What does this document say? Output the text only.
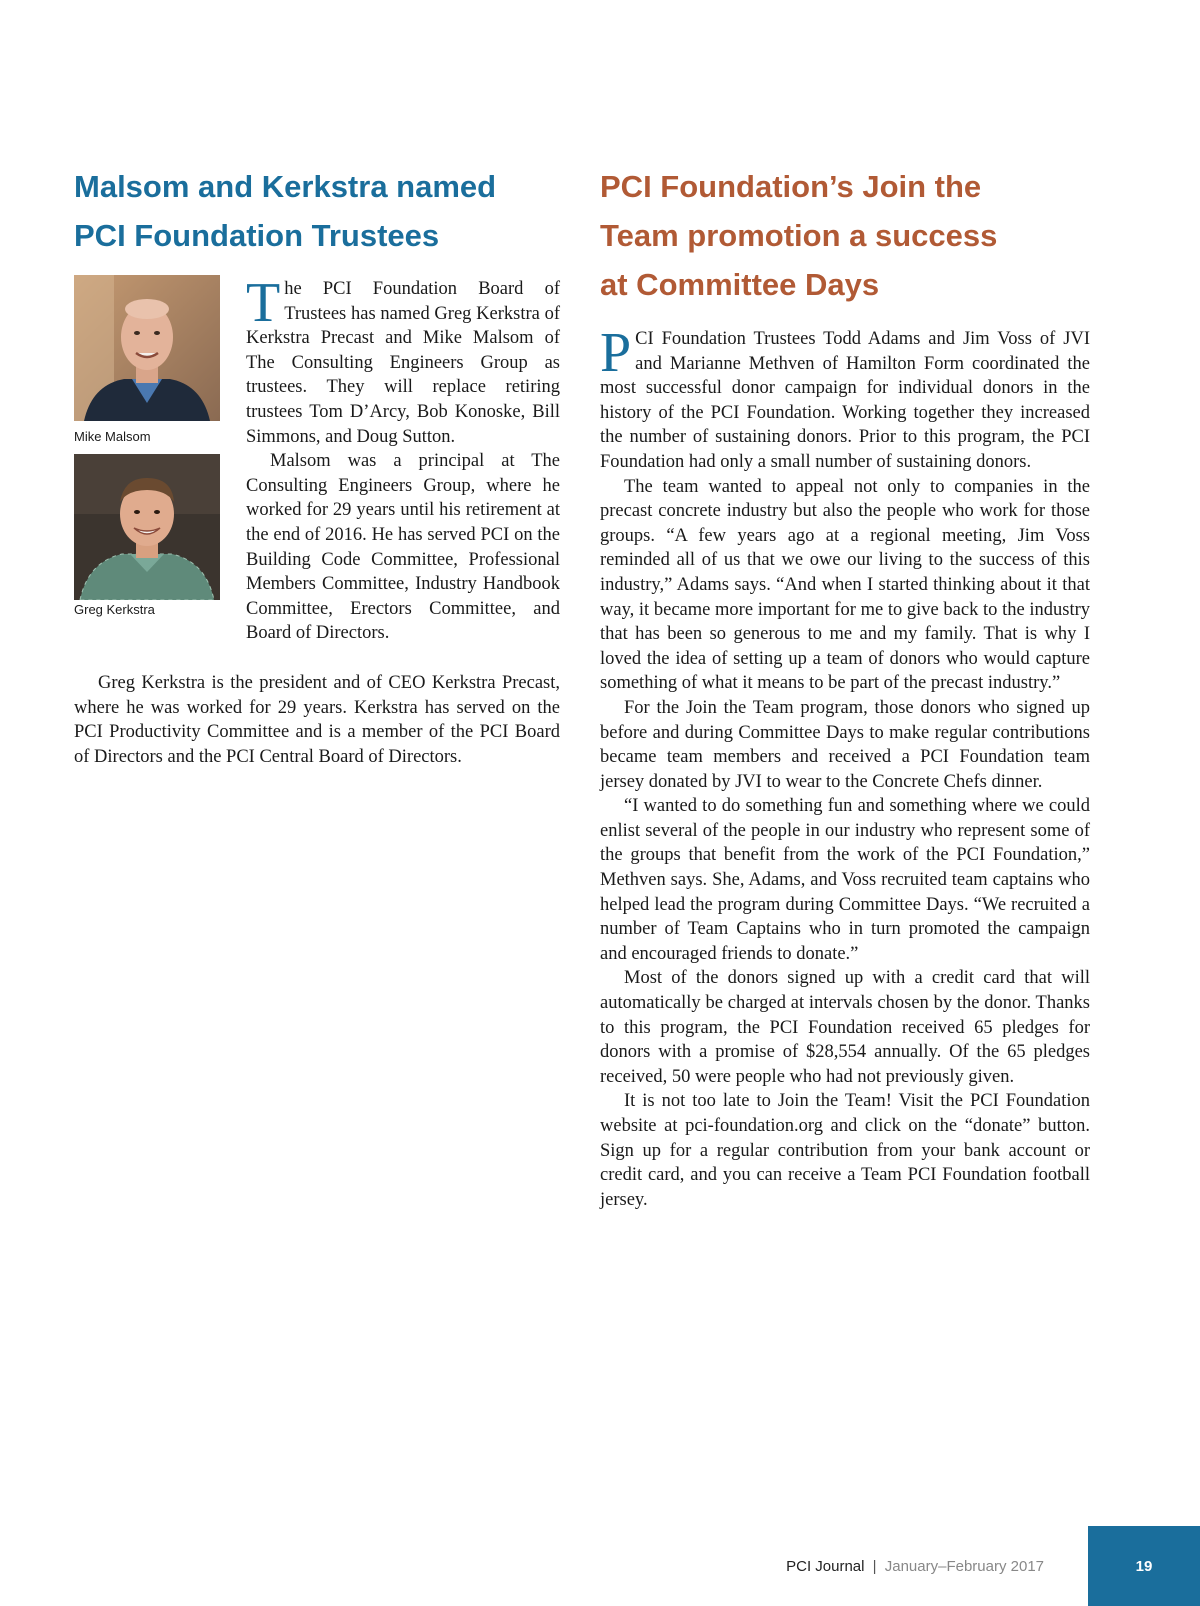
Malsom and Kerkstra named
PCI Foundation Trustees
Mike Malsom
Greg Kerkstra

The PCI Foundation Board of Trustees has named Greg Kerkstra of Kerkstra Precast and Mike Malsom of The Consulting Engineers Group as trustees. They will replace retiring trustees Tom D’Arcy, Bob Konoske, Bill Simmons, and Doug Sutton.

Malsom was a principal at The Consulting Engineers Group, where he worked for 29 years until his retirement at the end of 2016. He has served PCI on the Building Code Committee, Professional Members Committee, Industry Handbook Committee, Erectors Committee, and Board of Directors.

Greg Kerkstra is the president and of CEO Kerkstra Precast, where he was worked for 29 years. Kerkstra has served on the PCI Productivity Committee and is a member of the PCI Board of Directors and the PCI Central Board of Directors.

PCI Foundation’s Join the
Team promotion a success
at Committee Days

PCI Foundation Trustees Todd Adams and Jim Voss of JVI and Marianne Methven of Hamilton Form coordinated the most successful donor campaign for individual donors in the history of the PCI Foundation. Working together they increased the number of sustaining donors. Prior to this program, the PCI Foundation had only a small number of sustaining donors.

The team wanted to appeal not only to companies in the precast concrete industry but also the people who work for those groups. “A few years ago at a regional meeting, Jim Voss reminded all of us that we owe our living to the success of this industry,” Adams says. “And when I started thinking about it that way, it became more important for me to give back to the industry that has been so generous to me and my family. That is why I loved the idea of setting up a team of donors who would capture something of what it means to be part of the precast industry.”

For the Join the Team program, those donors who signed up before and during Committee Days to make regular contributions became team members and received a PCI Foundation team jersey donated by JVI to wear to the Concrete Chefs dinner.

“I wanted to do something fun and something where we could enlist several of the people in our industry who represent some of the groups that benefit from the work of the PCI Foundation,” Methven says. She, Adams, and Voss recruited team captains who helped lead the program during Committee Days. “We recruited a number of Team Captains who in turn promoted the campaign and encouraged friends to donate.”

Most of the donors signed up with a credit card that will automatically be charged at intervals chosen by the donor. Thanks to this program, the PCI Foundation received 65 pledges for donors with a promise of $28,554 annually. Of the 65 pledges received, 50 were people who had not previously given.

It is not too late to Join the Team! Visit the PCI Foundation website at pci-foundation.org and click on the “donate” button. Sign up for a regular contribution from your bank account or credit card, and you can receive a Team PCI Foundation football jersey.

PCI Journal | January–February 2017	19
